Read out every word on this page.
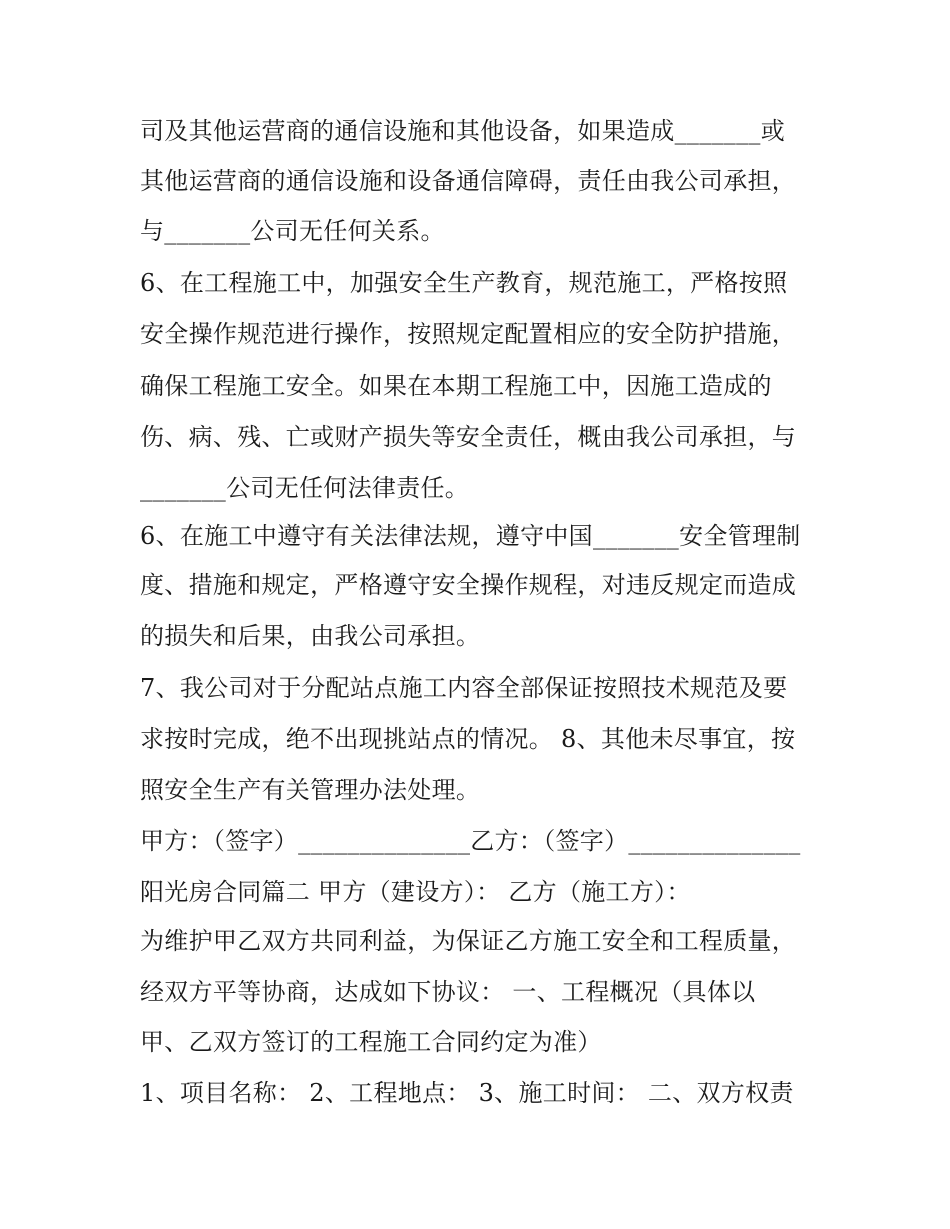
司及其他运营商的通信设施和其他设备，如果造成_______或
其他运营商的通信设施和设备通信障碍，责任由我公司承担，
与_______公司无任何关系。
6、在工程施工中，加强安全生产教育，规范施工，严格按照
安全操作规范进行操作，按照规定配置相应的安全防护措施，
确保工程施工安全。如果在本期工程施工中，因施工造成的
伤、病、残、亡或财产损失等安全责任，概由我公司承担，与
_______公司无任何法律责任。
6、在施工中遵守有关法律法规，遵守中国_______安全管理制
度、措施和规定，严格遵守安全操作规程，对违反规定而造成
的损失和后果，由我公司承担。
7、我公司对于分配站点施工内容全部保证按照技术规范及要
求按时完成，绝不出现挑站点的情况。 8、其他未尽事宜，按
照安全生产有关管理办法处理。
甲方：（签字）______________乙方：（签字）______________
阳光房合同篇二 甲方（建设方）： 乙方（施工方）：
为维护甲乙双方共同利益，为保证乙方施工安全和工程质量，
经双方平等协商，达成如下协议： 一、工程概况（具体以
甲、乙双方签订的工程施工合同约定为准）
1、项目名称： 2、工程地点： 3、施工时间： 二、双方权责
